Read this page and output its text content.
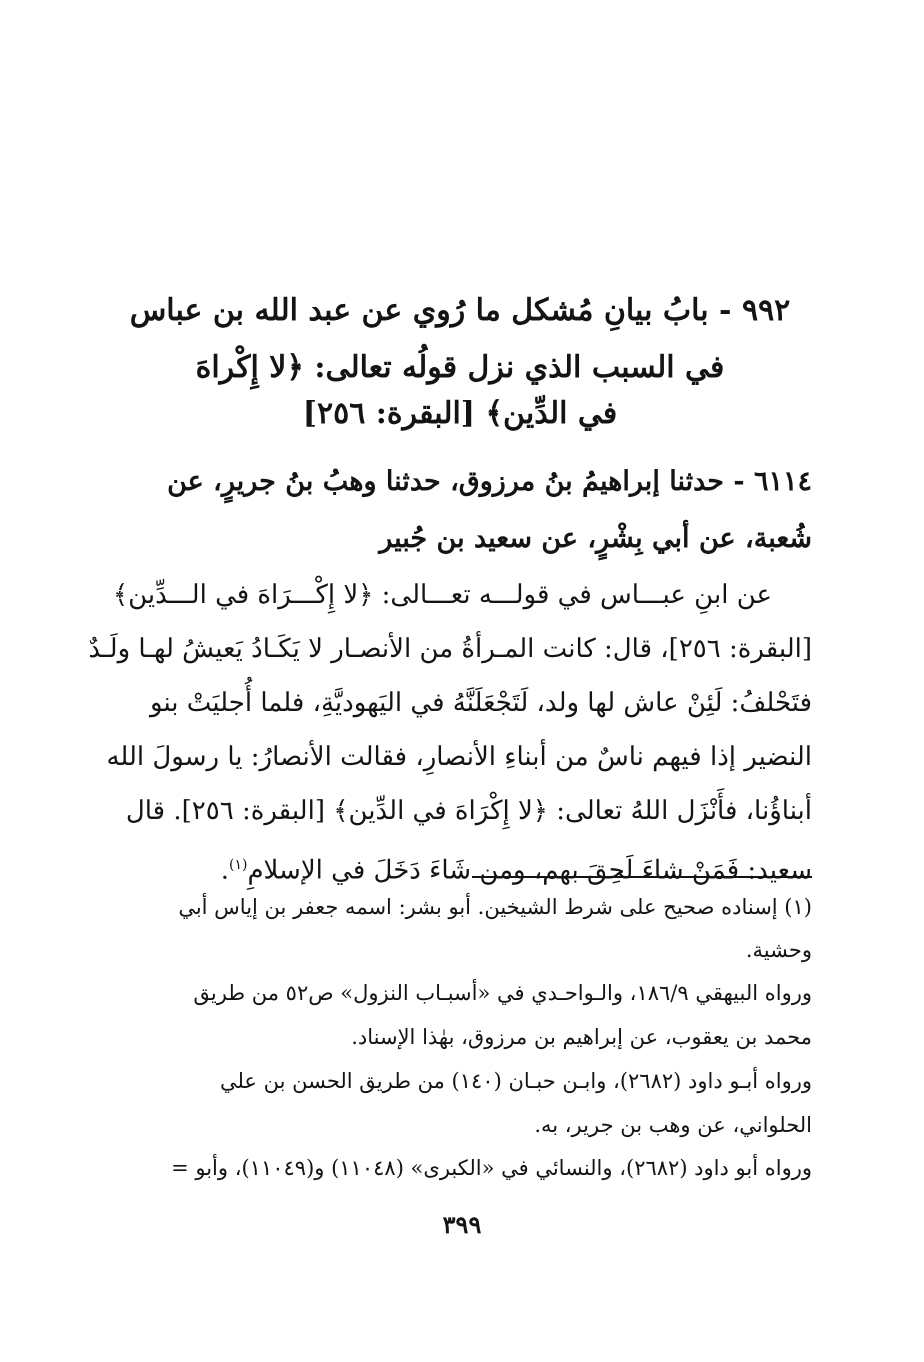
٩٩٢ - بابُ بيانِ مُشكل ما رُوي عن عبد الله بن عباس
في السبب الذي نزل قولُه تعالى: ﴿لا إِكْراهَ
في الدِّين﴾ [البقرة: ٢٥٦]
٦١١٤ - حدثنا إبراهيمُ بنُ مرزوق، حدثنا وهبُ بنُ جريرٍ، عن
شُعبة، عن أبي بِشْرٍ، عن سعيد بن جُبير
عن ابنِ عبـــاس في قولـــه تعـــالى: ﴿لا إِكْـــرَاهَ في الـــدِّين﴾
[البقرة: ٢٥٦]، قال: كانت المـرأةُ من الأنصـار لا يَكَـادُ يَعيشُ لهـا ولَـدٌ
فتَحْلفُ: لَئِنْ عاش لها ولد، لَتَجْعَلَنَّهُ في اليَهوديَّةِ، فلما أُجليَتْ بنو
النضير إذا فيهم ناسٌ من أبناءِ الأنصارِ، فقالت الأنصارُ: يا رسولَ الله
أبناؤُنا، فأَنْزَل اللهُ تعالى: ﴿لا إِكْرَاهَ في الدِّين﴾ [البقرة: ٢٥٦]. قال
سعيد: فَمَنْ شاءَ لَحِقَ بهم، ومن شَاءَ دَخَلَ في الإسلامِ$^{(١)}$.
(١) إسناده صحيح على شرط الشيخين. أبو بشر: اسمه جعفر بن إياس أبي
وحشية.
ورواه البيهقي ١٨٦/٩، والـواحـدي في «أسبـاب النزول» ص٥٢ من طريق
محمد بن يعقوب، عن إبراهيم بن مرزوق، بهٰذا الإسناد.
ورواه أبـو داود (٢٦٨٢)، وابـن حبـان (١٤٠) من طريق الحسن بن علي
الحلواني، عن وهب بن جرير، به.
ورواه أبو داود (٢٦٨٢)، والنسائي في «الكبرى» (١١٠٤٨) و(١١٠٤٩)، وأبو =
٣٩٩
